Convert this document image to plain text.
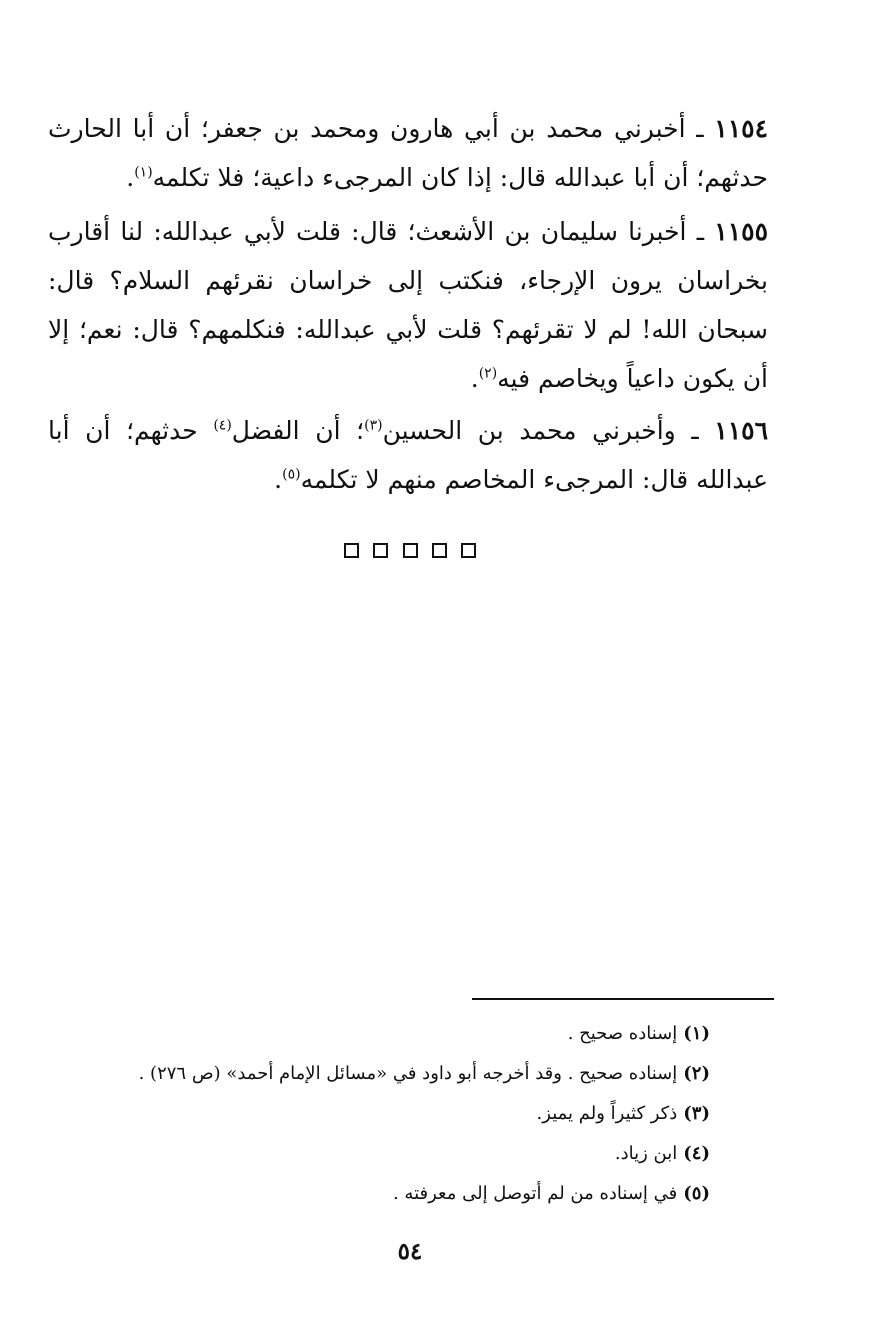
١١٥٤ ـ أخبرني محمد بن أبي هارون ومحمد بن جعفر؛ أن أبا الحارث حدثهم؛ أن أبا عبدالله قال: إذا كان المرجىء داعية؛ فلا تكلمه$^{(١)}$.

١١٥٥ ـ أخبرنا سليمان بن الأشعث؛ قال: قلت لأبي عبدالله: لنا أقارب بخراسان يرون الإرجاء، فنكتب إلى خراسان نقرئهم السلام؟ قال: سبحان الله! لم لا تقرئهم؟ قلت لأبي عبدالله: فنكلمهم؟ قال: نعم؛ إلا أن يكون داعياً ويخاصم فيه$^{(٢)}$.

١١٥٦ ـ وأخبرني محمد بن الحسين$^{(٣)}$؛ أن الفضل$^{(٤)}$ حدثهم؛ أن أبا عبدالله قال: المرجىء المخاصم منهم لا تكلمه$^{(٥)}$.

(١)إسناده صحيح .
(٢)إسناده صحيح . وقد أخرجه أبو داود في «مسائل الإمام أحمد» (ص ٢٧٦) .
(٣)ذكر كثيراً ولم يميز.
(٤)ابن زياد.
(٥)في إسناده من لم أتوصل إلى معرفته .
٥٤
